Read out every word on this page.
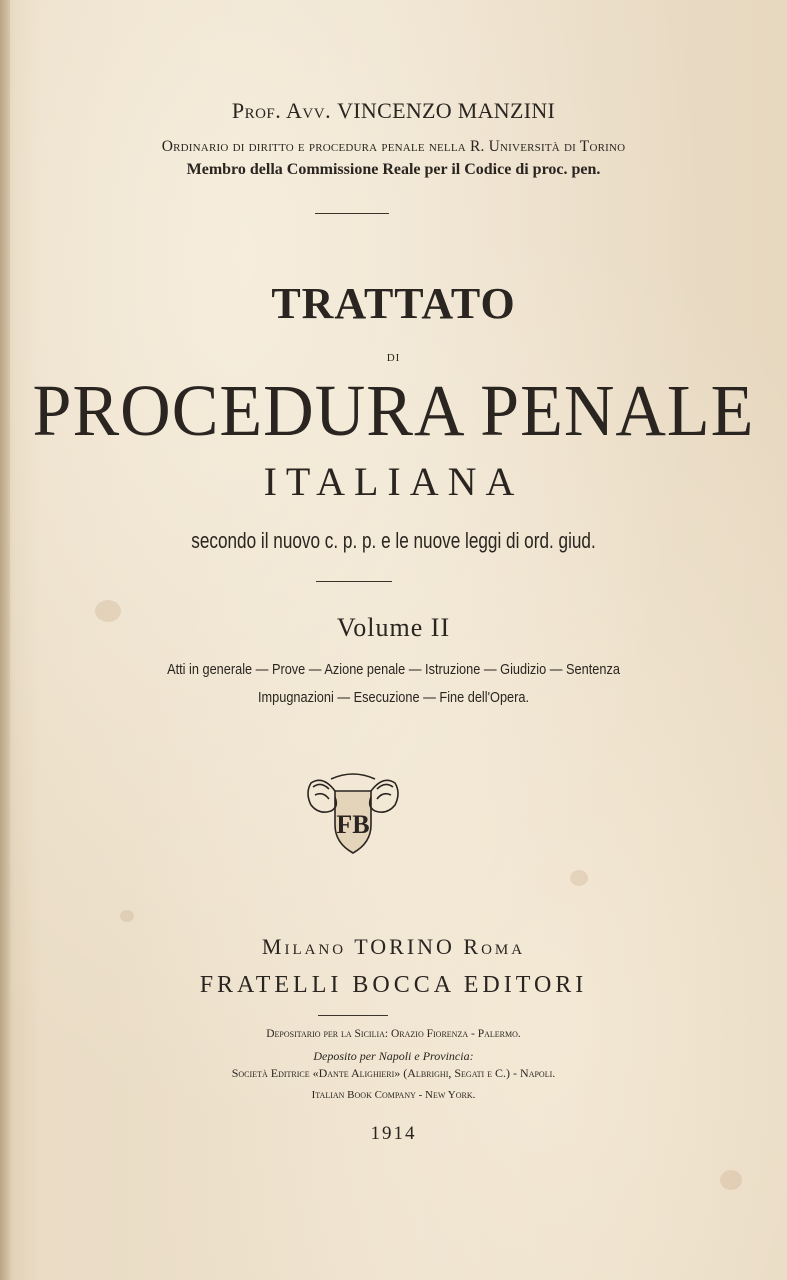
Prof. Avv. VINCENZO MANZINI
Ordinario di diritto e procedura penale nella R. Università di Torino
Membro della Commissione Reale per il Codice di proc. pen.
TRATTATO
DI
PROCEDURA PENALE
ITALIANA
secondo il nuovo c. p. p. e le nuove leggi di ord. giud.
Volume II
Atti in generale — Prove — Azione penale — Istruzione — Giudizio — Sentenza
Impugnazioni — Esecuzione — Fine dell'Opera.
FB
Milano TORINO Roma
FRATELLI BOCCA EDITORI
Depositario per la Sicilia: Orazio Fiorenza - Palermo.
Deposito per Napoli e Provincia:
Società Editrice «Dante Alighieri» (Albrighi, Segati e C.) - Napoli.
Italian Book Company - New York.
1914
